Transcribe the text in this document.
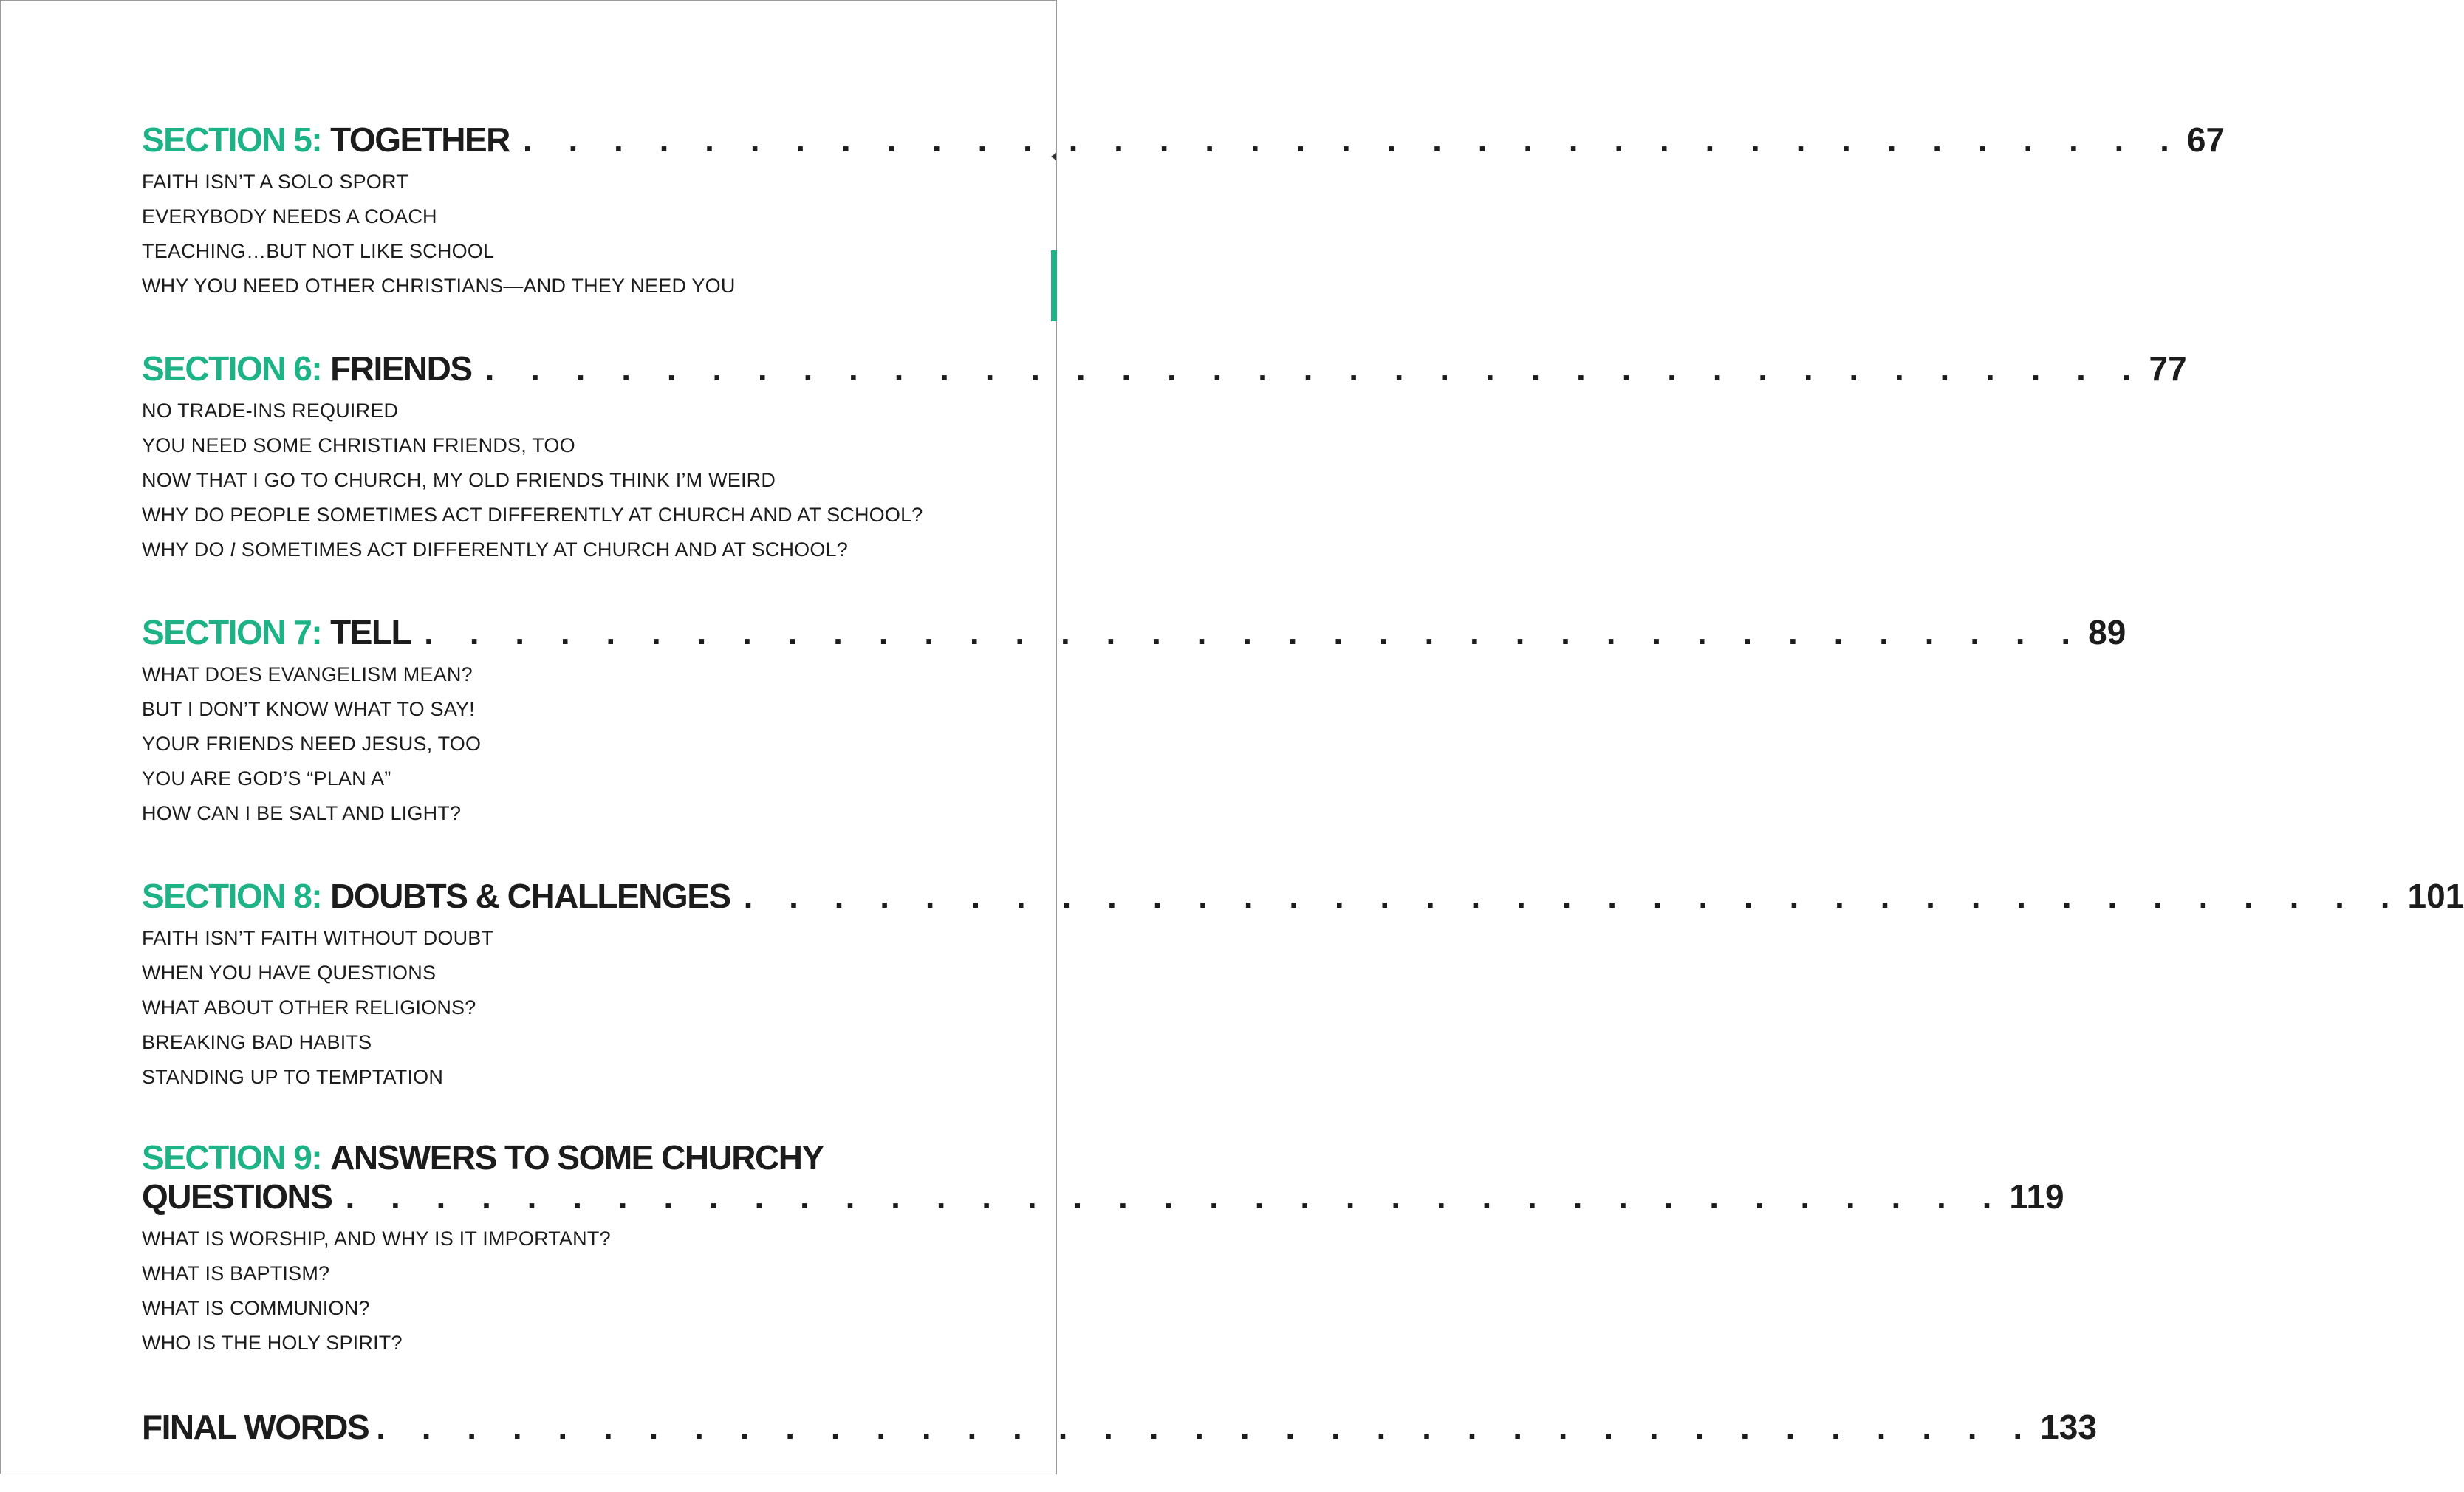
SECTION 5: TOGETHER . . . . . . . . . . . . . . . . . . . . . . . . . . . . . . . . . . . . . 67
FAITH ISN’T A SOLO SPORT
EVERYBODY NEEDS A COACH
TEACHING…BUT NOT LIKE SCHOOL
WHY YOU NEED OTHER CHRISTIANS—AND THEY NEED YOU
SECTION 6: FRIENDS . . . . . . . . . . . . . . . . . . . . . . . . . . . . . . . . . . . . . 77
NO TRADE-INS REQUIRED
YOU NEED SOME CHRISTIAN FRIENDS, TOO
NOW THAT I GO TO CHURCH, MY OLD FRIENDS THINK I’M WEIRD
WHY DO PEOPLE SOMETIMES ACT DIFFERENTLY AT CHURCH AND AT SCHOOL?
WHY DO I SOMETIMES ACT DIFFERENTLY AT CHURCH AND AT SCHOOL?
SECTION 7: TELL . . . . . . . . . . . . . . . . . . . . . . . . . . . . . . . . . . . . . 89
WHAT DOES EVANGELISM MEAN?
BUT I DON’T KNOW WHAT TO SAY!
YOUR FRIENDS NEED JESUS, TOO
YOU ARE GOD’S “PLAN A”
HOW CAN I BE SALT AND LIGHT?
SECTION 8: DOUBTS & CHALLENGES . . . . . . . . . . . . . . . . . . . . . . . . . . . . . . . . . . . . . 101
FAITH ISN’T FAITH WITHOUT DOUBT
WHEN YOU HAVE QUESTIONS
WHAT ABOUT OTHER RELIGIONS?
BREAKING BAD HABITS
STANDING UP TO TEMPTATION
SECTION 9: ANSWERS TO SOME CHURCHY
QUESTIONS . . . . . . . . . . . . . . . . . . . . . . . . . . . . . . . . . . . . . 119
WHAT IS WORSHIP, AND WHY IS IT IMPORTANT?
WHAT IS BAPTISM?
WHAT IS COMMUNION?
WHO IS THE HOLY SPIRIT?
FINAL WORDS . . . . . . . . . . . . . . . . . . . . . . . . . . . . . . . . . . . . . 133
